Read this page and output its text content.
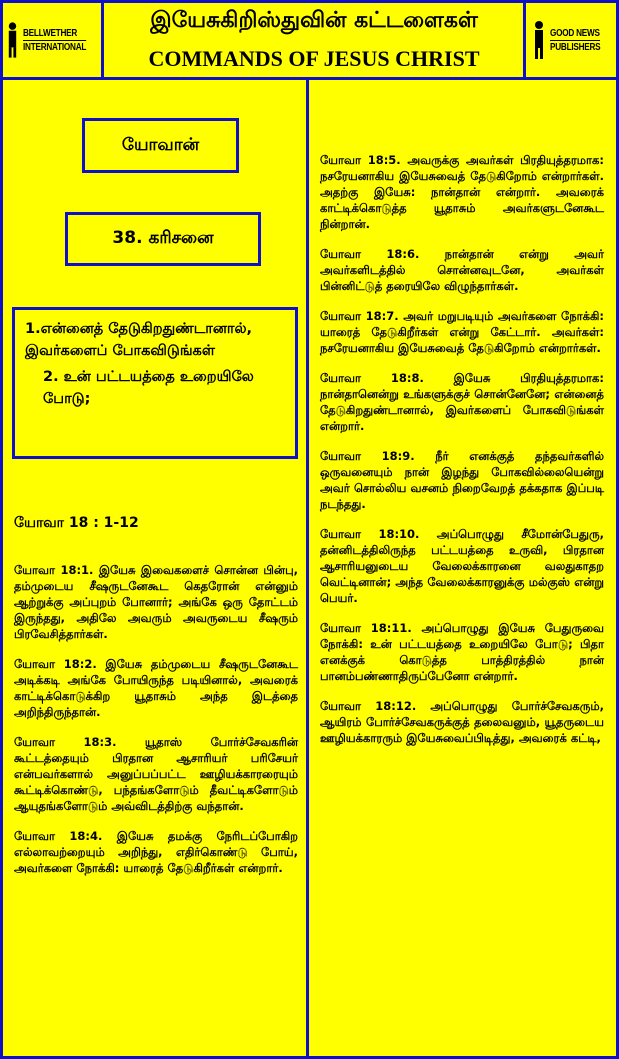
BELLWETHER
INTERNATIONAL
GOOD NEWS
PUBLISHERS
இயேசுகிறிஸ்துவின் கட்டளைகள்
COMMANDS OF JESUS CHRIST
யோவான்
38. கரிசனை
1.என்னைத் தேடுகிறதுண்டானால், இவர்களைப் போகவிடுங்கள்
2. உன் பட்டயத்தை உறையிலே போடு;
யோவா 18 : 1-12

யோவா 18:1. இயேசு இவைகளைச் சொன்ன பின்பு, தம்முடைய சீஷருடனேகூட கெதரோன் என்னும் ஆற்றுக்கு அப்புறம் போனார்; அங்கே ஒரு தோட்டம் இருந்தது, அதிலே அவரும் அவருடைய சீஷரும் பிரவேசித்தார்கள்.

யோவா 18:2. இயேசு தம்முடைய சீஷருடனேகூட அடிக்கடி அங்கே போயிருந்த படியினால், அவரைக் காட்டிக்கொடுக்கிற யூதாசும் அந்த இடத்தை அறிந்திருந்தான்.

யோவா 18:3. யூதாஸ் போர்ச்சேவகரின் கூட்டத்தையும் பிரதான ஆசாரியர் பரிசேயர் என்பவர்களால் அனுப்பப்பட்ட ஊழியக்காரரையும் கூட்டிக்கொண்டு, பந்தங்களோடும் தீவட்டிகளோடும் ஆயுதங்களோடும் அவ்விடத்திற்கு வந்தான்.

யோவா 18:4. இயேசு தமக்கு நேரிடப்போகிற எல்லாவற்றையும் அறிந்து, எதிர்கொண்டு போய், அவர்களை நோக்கி: யாரைத் தேடுகிறீர்கள் என்றார்.

யோவா 18:5. அவருக்கு அவர்கள் பிரதியுத்தரமாக: நசரேயனாகிய இயேசுவைத் தேடுகிறோம் என்றார்கள். அதற்கு இயேசு: நான்தான் என்றார். அவரைக் காட்டிக்கொடுத்த யூதாசும் அவர்களுடனேகூட நின்றான்.

யோவா 18:6. நான்தான் என்று அவர் அவர்களிடத்தில் சொன்னவுடனே, அவர்கள் பின்னிட்டுத் தரையிலே விழுந்தார்கள்.

யோவா 18:7. அவர் மறுபடியும் அவர்களை நோக்கி: யாரைத் தேடுகிறீர்கள் என்று கேட்டார். அவர்கள்: நசரேயனாகிய இயேசுவைத் தேடுகிறோம் என்றார்கள்.

யோவா 18:8. இயேசு பிரதியுத்தரமாக: நான்தானென்று உங்களுக்குச் சொன்னேனே; என்னைத் தேடுகிறதுண்டானால், இவர்களைப் போகவிடுங்கள் என்றார்.

யோவா 18:9. நீர் எனக்குத் தந்தவர்களில் ஒருவனையும் நான் இழந்து போகவில்லையென்று அவர் சொல்லிய வசனம் நிறைவேறத் தக்கதாக இப்படி நடந்தது.

யோவா 18:10. அப்பொழுது சீமோன்பேதுரு, தன்னிடத்திலிருந்த பட்டயத்தை உருவி, பிரதான ஆசாரியனுடைய வேலைக்காரனை வலதுகாதற வெட்டினான்; அந்த வேலைக்காரனுக்கு மல்குஸ் என்று பெயர்.

யோவா 18:11. அப்பொழுது இயேசு பேதுருவை நோக்கி: உன் பட்டயத்தை உறையிலே போடு; பிதா எனக்குக் கொடுத்த பாத்திரத்தில் நான் பானம்பண்ணாதிருப்பேனோ என்றார்.

யோவா 18:12. அப்பொழுது போர்ச்சேவகரும், ஆயிரம் போர்ச்சேவகருக்குத் தலைவனும், யூதருடைய ஊழியக்காரரும் இயேசுவைப்பிடித்து, அவரைக் கட்டி,
